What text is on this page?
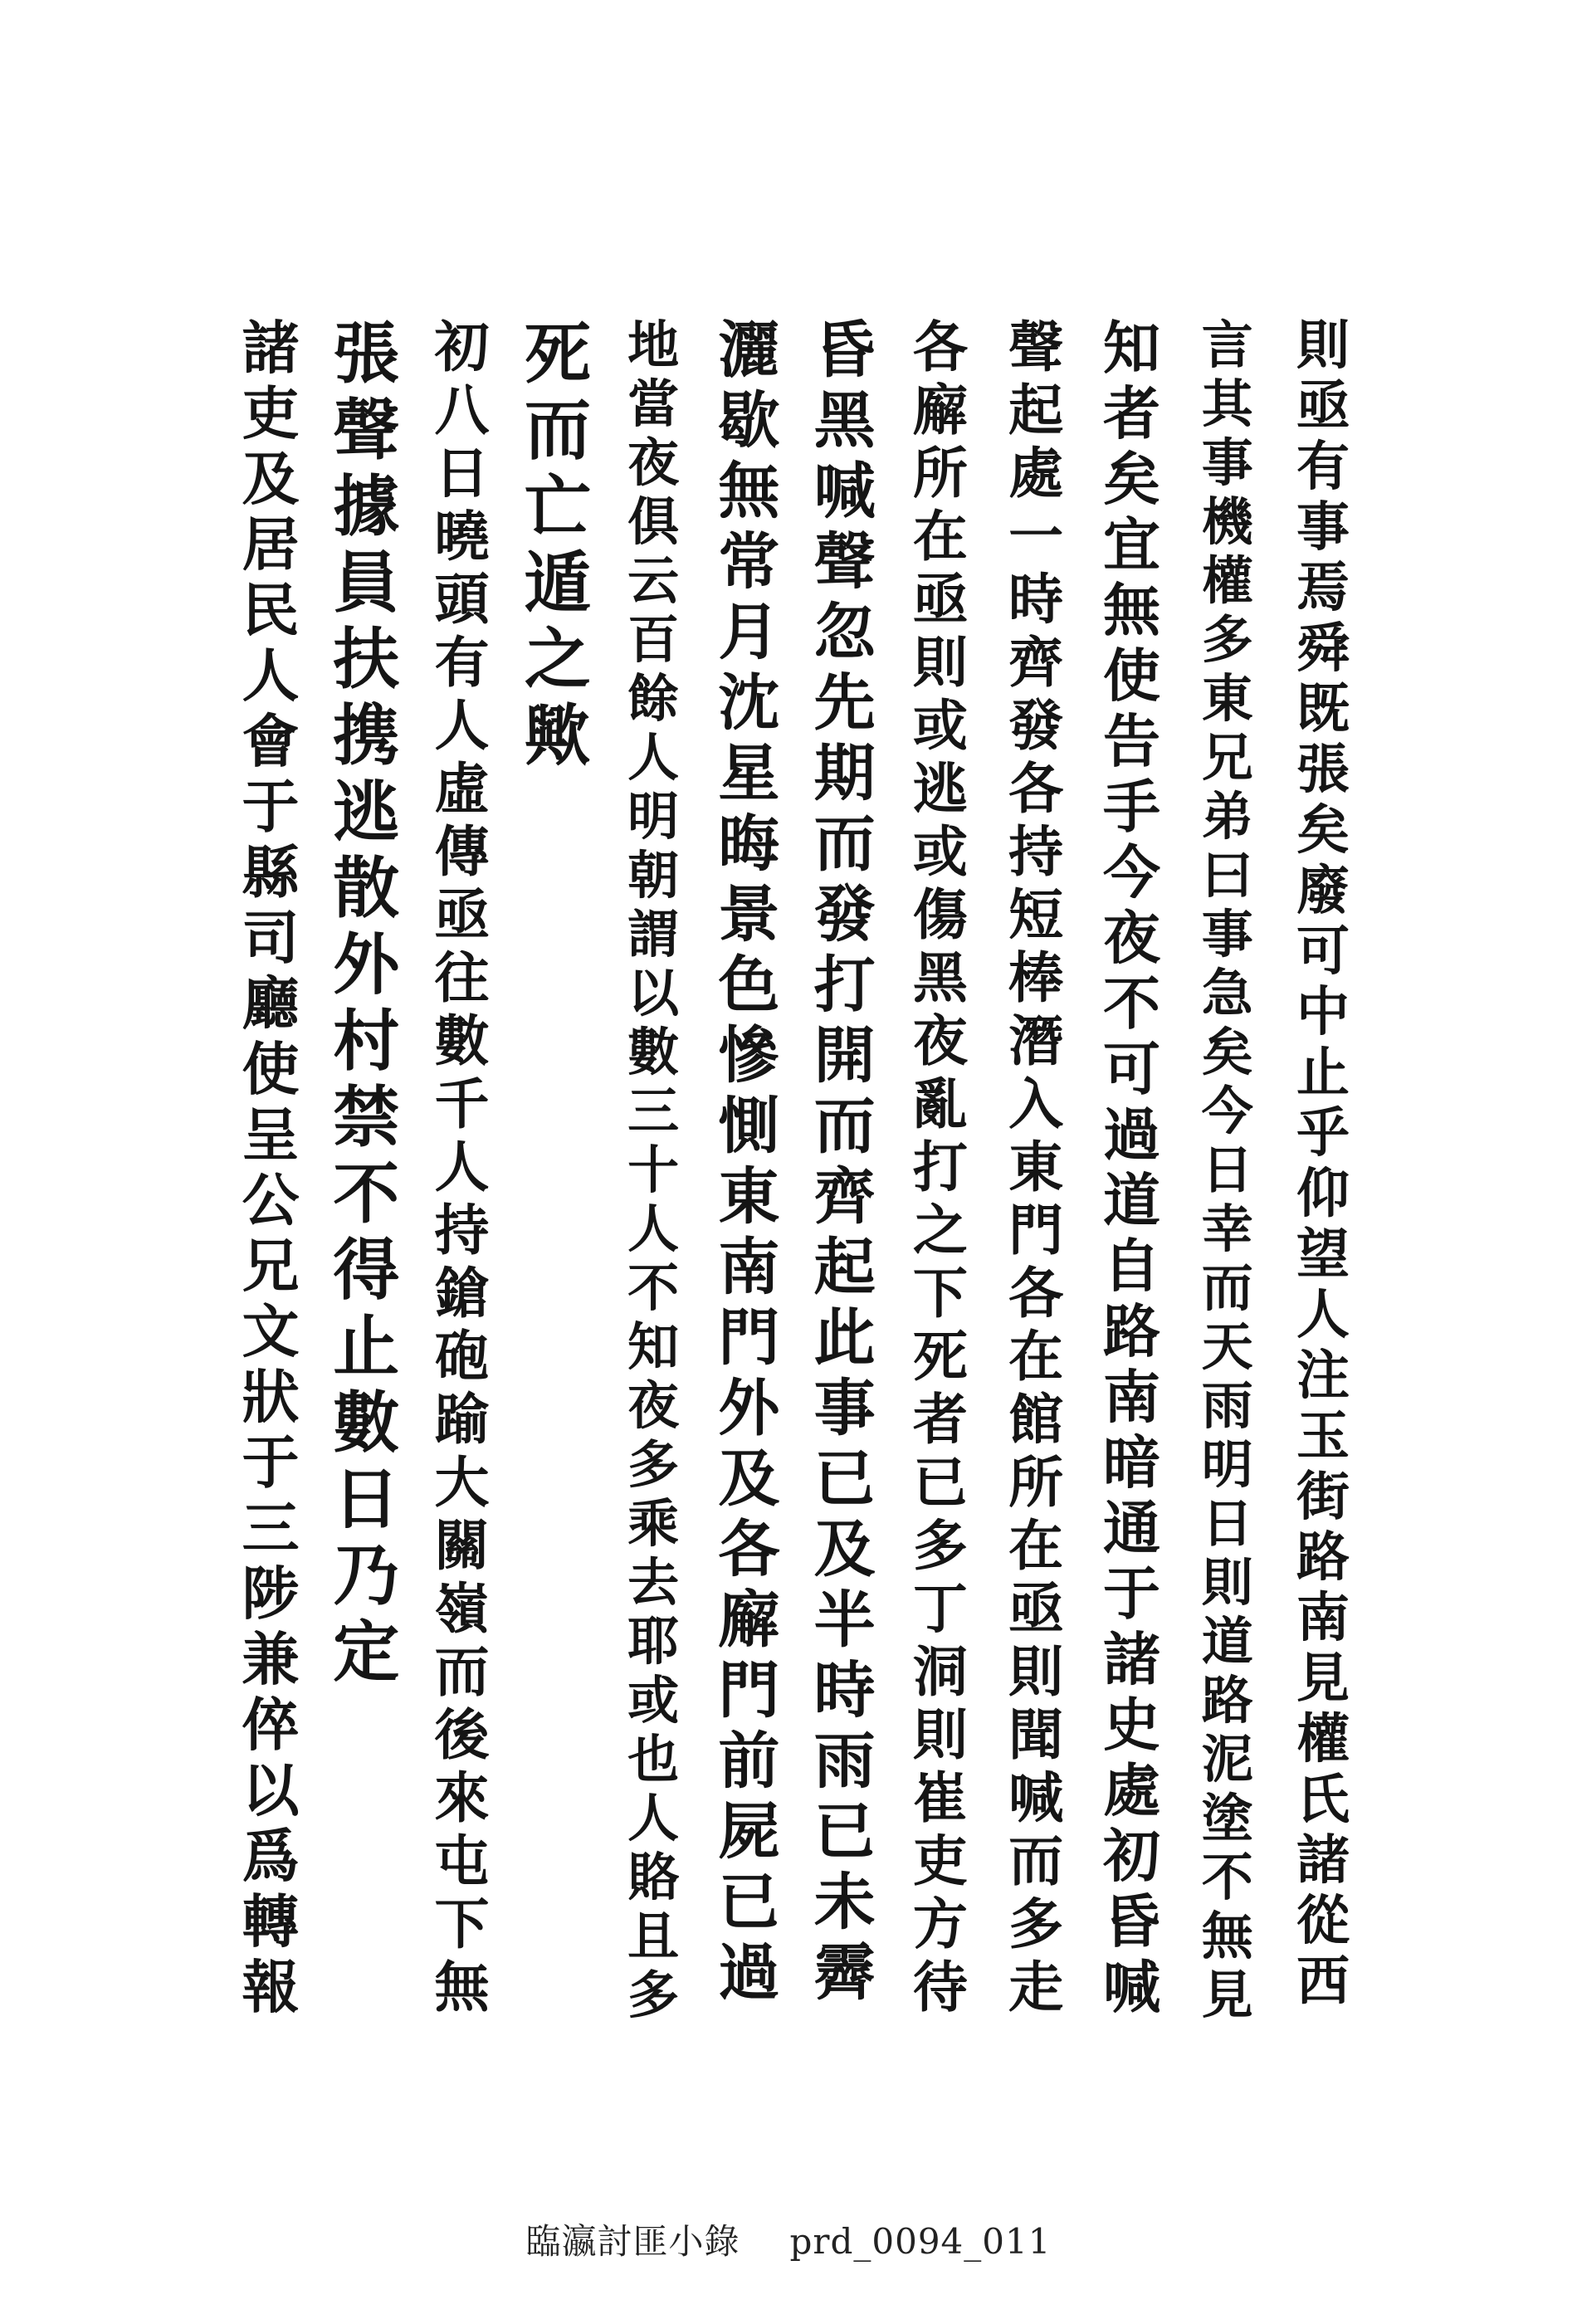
則
亟
有
事
焉
舜
既
張
矣
廢
可
中
止
乎
仰
望
人
注
玉
街
路
南
見
權
氏
諸
從
西
言
其
事
機
權
多
東
兄
弟
曰
事
急
矣
今
日
幸
而
天
雨
明
日
則
道
路
泥
塗
不
無
見
知
者
矣
宜
無
使
告
手
今
夜
不
可
過
道
自
路
南
暗
通
于
諸
史
處
初
昏
喊
聲
起
處
一
時
齊
發
各
持
短
棒
潛
入
東
門
各
在
館
所
在
亟
則
聞
喊
而
多
走
各
廨
所
在
亟
則
或
逃
或
傷
黑
夜
亂
打
之
下
死
者
已
多
丁
洞
則
崔
吏
方
待
昏
黑
喊
聲
忽
先
期
而
發
打
開
而
齊
起
此
事
已
及
半
時
雨
已
未
霽
灑
歇
無
常
月
沈
星
晦
景
色
慘
惻
東
南
門
外
及
各
廨
門
前
屍
已
過
地
當
夜
俱
云
百
餘
人
明
朝
謂
以
數
三
十
人
不
知
夜
多
乘
去
耶
或
也
人
賂
且
多
死
而
亡
遁
之
歟
初
八
日
曉
頭
有
人
虛
傳
亟
往
數
千
人
持
鎗
砲
踰
大
關
嶺
而
後
來
屯
下
無
張
聲
據
員
扶
携
逃
散
外
村
禁
不
得
止
數
日
乃
定
諸
吏
及
居
民
人
會
于
縣
司
廳
使
呈
公
兄
文
狀
于
三
陟
兼
倅
以
爲
轉
報
臨瀛討匪小錄 prd_0094_011
